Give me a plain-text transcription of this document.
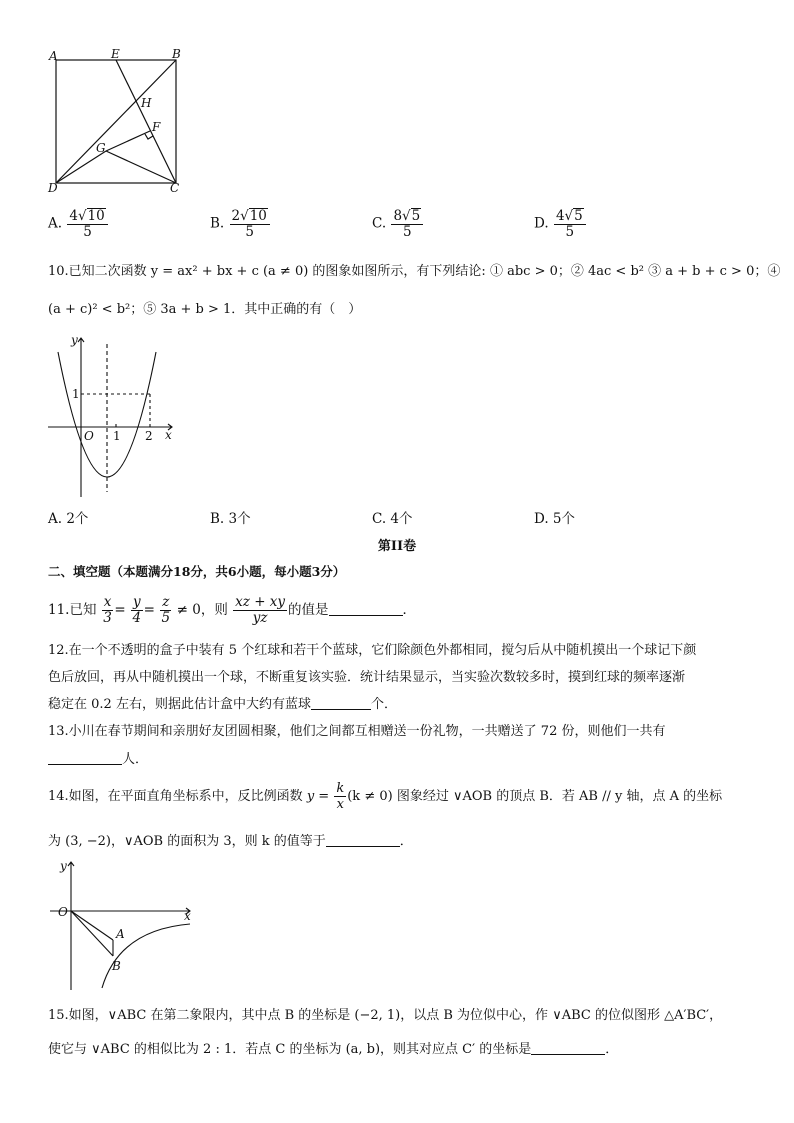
A	E	B
H
F
G
D	C
A. $\frac{4√10}{5}$	B. $\frac{2√10}{5}$	C. $\frac{8√5}{5}$	D. $\frac{4√5}{5}$
10.已知二次函数 y = ax² + bx + c (a ≠ 0) 的图象如图所示，有下列结论: ① abc > 0；② 4ac < b² ③ a + b + c > 0；④
(a + c)² < b²；⑤ 3a + b > 1．其中正确的有（　）
y
x
O 1 2
1
A. 2个	B. 3个	C. 4个	D. 5个
第II卷
二、填空题（本题满分18分，共6小题，每小题3分）
11.已知 $\frac{x}{3} = \frac{y}{4} = \frac{z}{5} \ne 0$，则 $\frac{xz + xy}{yz}$ 的值是	．
12.在一个不透明的盒子中装有 5 个红球和若干个蓝球，它们除颜色外都相同，搅匀后从中随机摸出一个球记下颜
色后放回，再从中随机摸出一个球，不断重复该实验．统计结果显示，当实验次数较多时，摸到红球的频率逐渐
稳定在 0.2 左右，则据此估计盒中大约有蓝球	个．
13.小川在春节期间和亲朋好友团圆相聚，他们之间都互相赠送一份礼物，一共赠送了 72 份，则他们一共有
人．
14.如图，在平面直角坐标系中，反比例函数 $y = \frac{k}{x} (k \ne 0)$ 图象经过 ∨AOB 的顶点 B．若 AB // y 轴，点 A 的坐标
为 (3, −2)，∨AOB 的面积为 3，则 k 的值等于	．
y
x
O
A
B
15.如图，∨ABC 在第二象限内，其中点 B 的坐标是 (−2, 1)，以点 B 为位似中心，作 ∨ABC 的位似图形 △A′BC′，
使它与 ∨ABC 的相似比为 2 : 1．若点 C 的坐标为 (a, b)，则其对应点 C′ 的坐标是	．
